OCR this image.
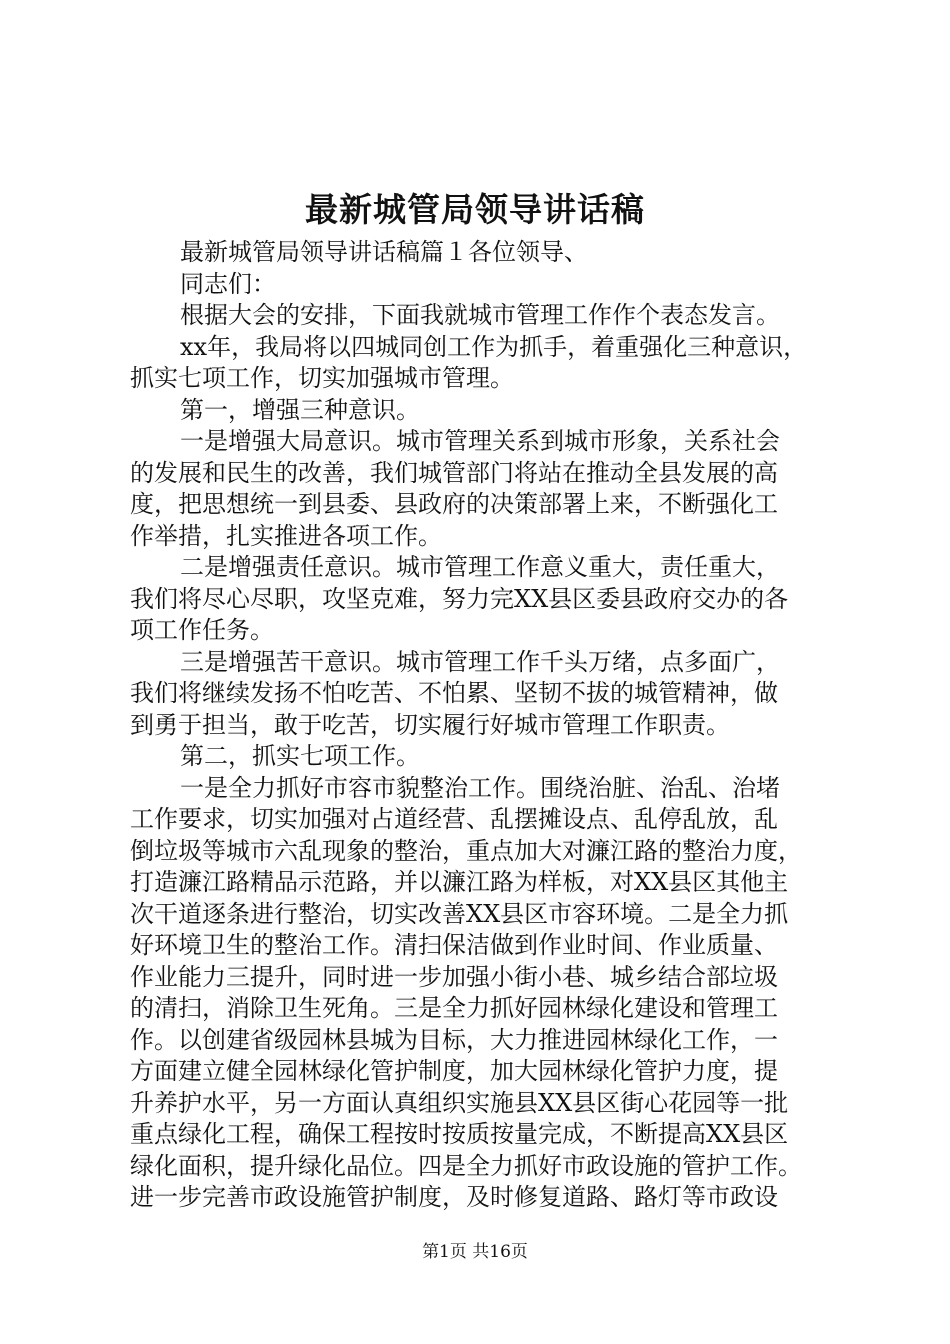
最新城管局领导讲话稿
最新城管局领导讲话稿篇１各位领导、
同志们：
根据大会的安排，下面我就城市管理工作作个表态发言。
xx年，我局将以四城同创工作为抓手，着重强化三种意识，
抓实七项工作，切实加强城市管理。
第一，增强三种意识。
一是增强大局意识。城市管理关系到城市形象，关系社会
的发展和民生的改善，我们城管部门将站在推动全县发展的高
度，把思想统一到县委、县政府的决策部署上来，不断强化工
作举措，扎实推进各项工作。
二是增强责任意识。城市管理工作意义重大，责任重大，
我们将尽心尽职，攻坚克难，努力完XX县区委县政府交办的各
项工作任务。
三是增强苦干意识。城市管理工作千头万绪，点多面广，
我们将继续发扬不怕吃苦、不怕累、坚韧不拔的城管精神，做
到勇于担当，敢于吃苦，切实履行好城市管理工作职责。
第二，抓实七项工作。
一是全力抓好市容市貌整治工作。围绕治脏、治乱、治堵
工作要求，切实加强对占道经营、乱摆摊设点、乱停乱放，乱
倒垃圾等城市六乱现象的整治，重点加大对濂江路的整治力度，
打造濂江路精品示范路，并以濂江路为样板，对XX县区其他主
次干道逐条进行整治，切实改善XX县区市容环境。二是全力抓
好环境卫生的整治工作。清扫保洁做到作业时间、作业质量、
作业能力三提升，同时进一步加强小街小巷、城乡结合部垃圾
的清扫，消除卫生死角。三是全力抓好园林绿化建设和管理工
作。以创建省级园林县城为目标，大力推进园林绿化工作，一
方面建立健全园林绿化管护制度，加大园林绿化管护力度，提
升养护水平，另一方面认真组织实施县XX县区街心花园等一批
重点绿化工程，确保工程按时按质按量完成，不断提高XX县区
绿化面积，提升绿化品位。四是全力抓好市政设施的管护工作。
进一步完善市政设施管护制度，及时修复道路、路灯等市政设
第1页 共16页
